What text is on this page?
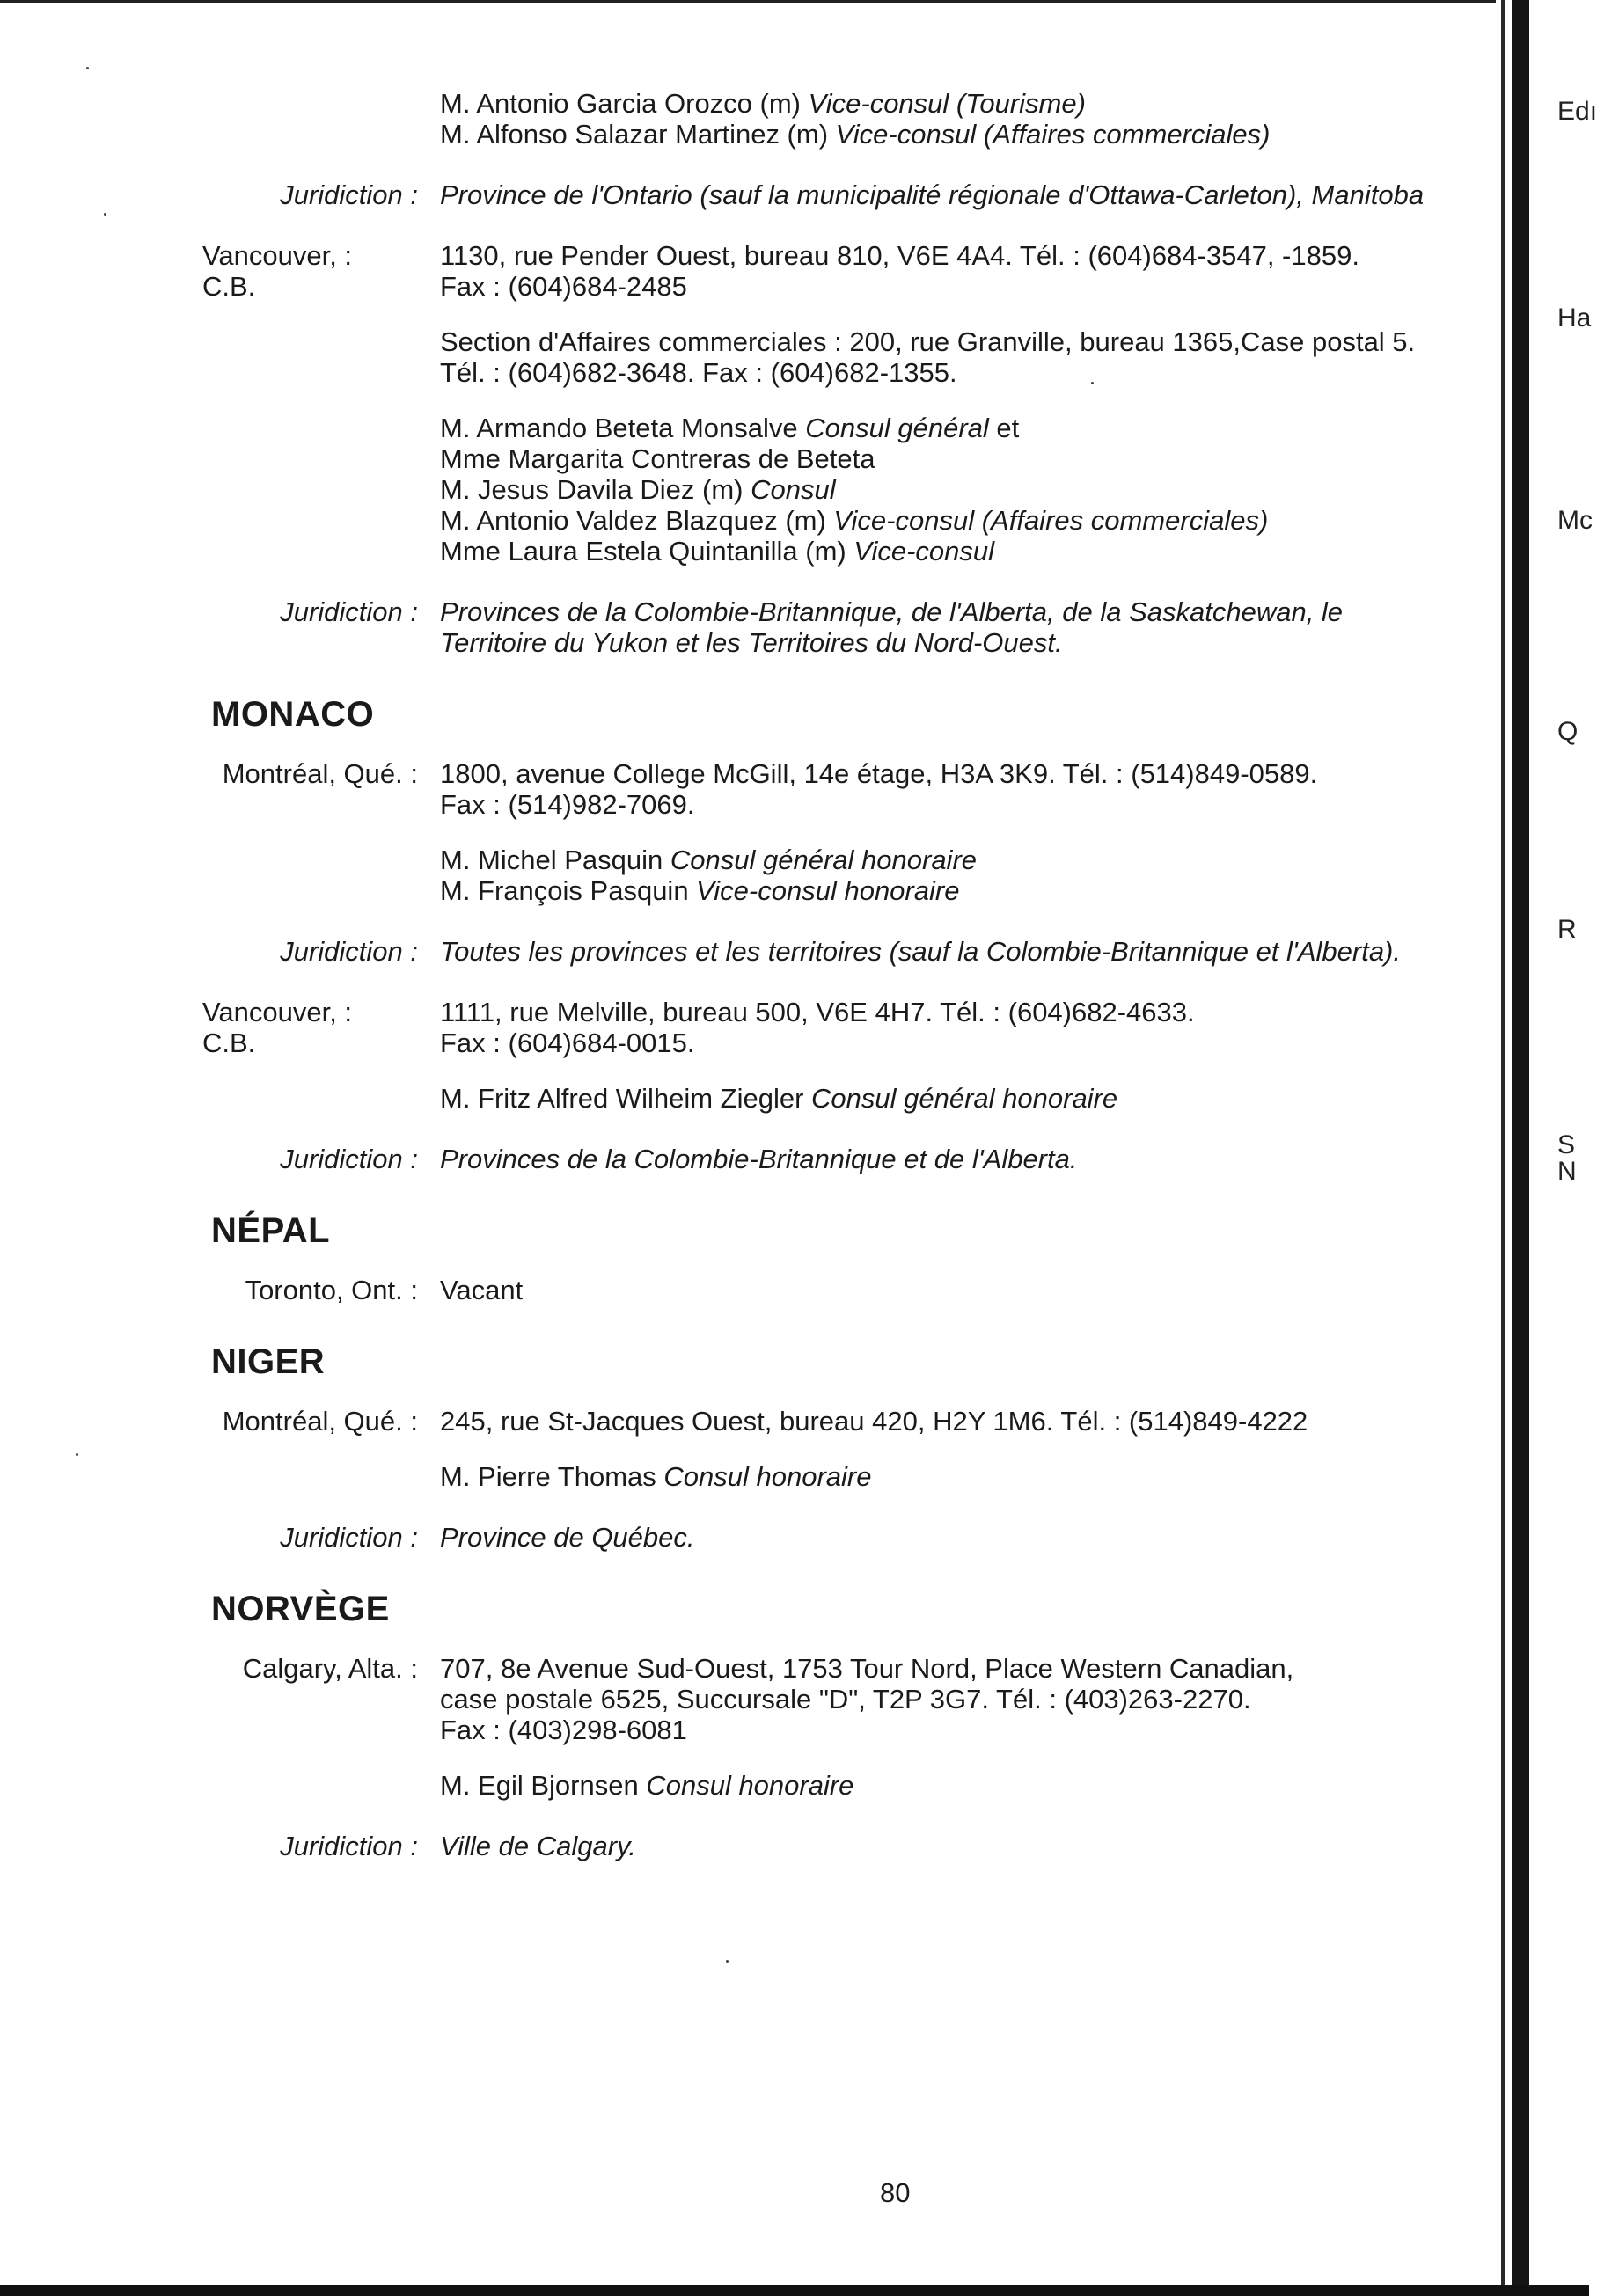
Edı
Ha
Mc
Q
R
S
N
M. Antonio Garcia Orozco (m) Vice-consul (Tourisme)
M. Alfonso Salazar Martinez (m) Vice-consul (Affaires commerciales)
Juridiction : Province de l'Ontario (sauf la municipalité régionale d'Ottawa-Carleton), Manitoba
Vancouver, :
C.B.
1130, rue Pender Ouest, bureau 810, V6E 4A4. Tél. : (604)684-3547, -1859.
Fax : (604)684-2485
Section d'Affaires commerciales : 200, rue Granville, bureau 1365,Case postal 5.
Tél. : (604)682-3648. Fax : (604)682-1355.
M. Armando Beteta Monsalve Consul général et
Mme Margarita Contreras de Beteta
M. Jesus Davila Diez (m) Consul
M. Antonio Valdez Blazquez (m) Vice-consul (Affaires commerciales)
Mme Laura Estela Quintanilla (m) Vice-consul
Juridiction : Provinces de la Colombie-Britannique, de l'Alberta, de la Saskatchewan, le
Territoire du Yukon et les Territoires du Nord-Ouest.
MONACO
Montréal, Qué. : 1800, avenue College McGill, 14e étage, H3A 3K9. Tél. : (514)849-0589.
Fax : (514)982-7069.
M. Michel Pasquin Consul général honoraire
M. François Pasquin Vice-consul honoraire
Juridiction : Toutes les provinces et les territoires (sauf la Colombie-Britannique et l'Alberta).
Vancouver, :
C.B.
1111, rue Melville, bureau 500, V6E 4H7. Tél. : (604)682-4633.
Fax : (604)684-0015.
M. Fritz Alfred Wilheim Ziegler Consul général honoraire
Juridiction : Provinces de la Colombie-Britannique et de l'Alberta.
NÉPAL
Toronto, Ont. : Vacant
NIGER
Montréal, Qué. : 245, rue St-Jacques Ouest, bureau 420, H2Y 1M6. Tél. : (514)849-4222
M. Pierre Thomas Consul honoraire
Juridiction : Province de Québec.
NORVÈGE
Calgary, Alta. : 707, 8e Avenue Sud-Ouest, 1753 Tour Nord, Place Western Canadian,
case postale 6525, Succursale "D", T2P 3G7. Tél. : (403)263-2270.
Fax : (403)298-6081
M. Egil Bjornsen Consul honoraire
Juridiction : Ville de Calgary.
80
